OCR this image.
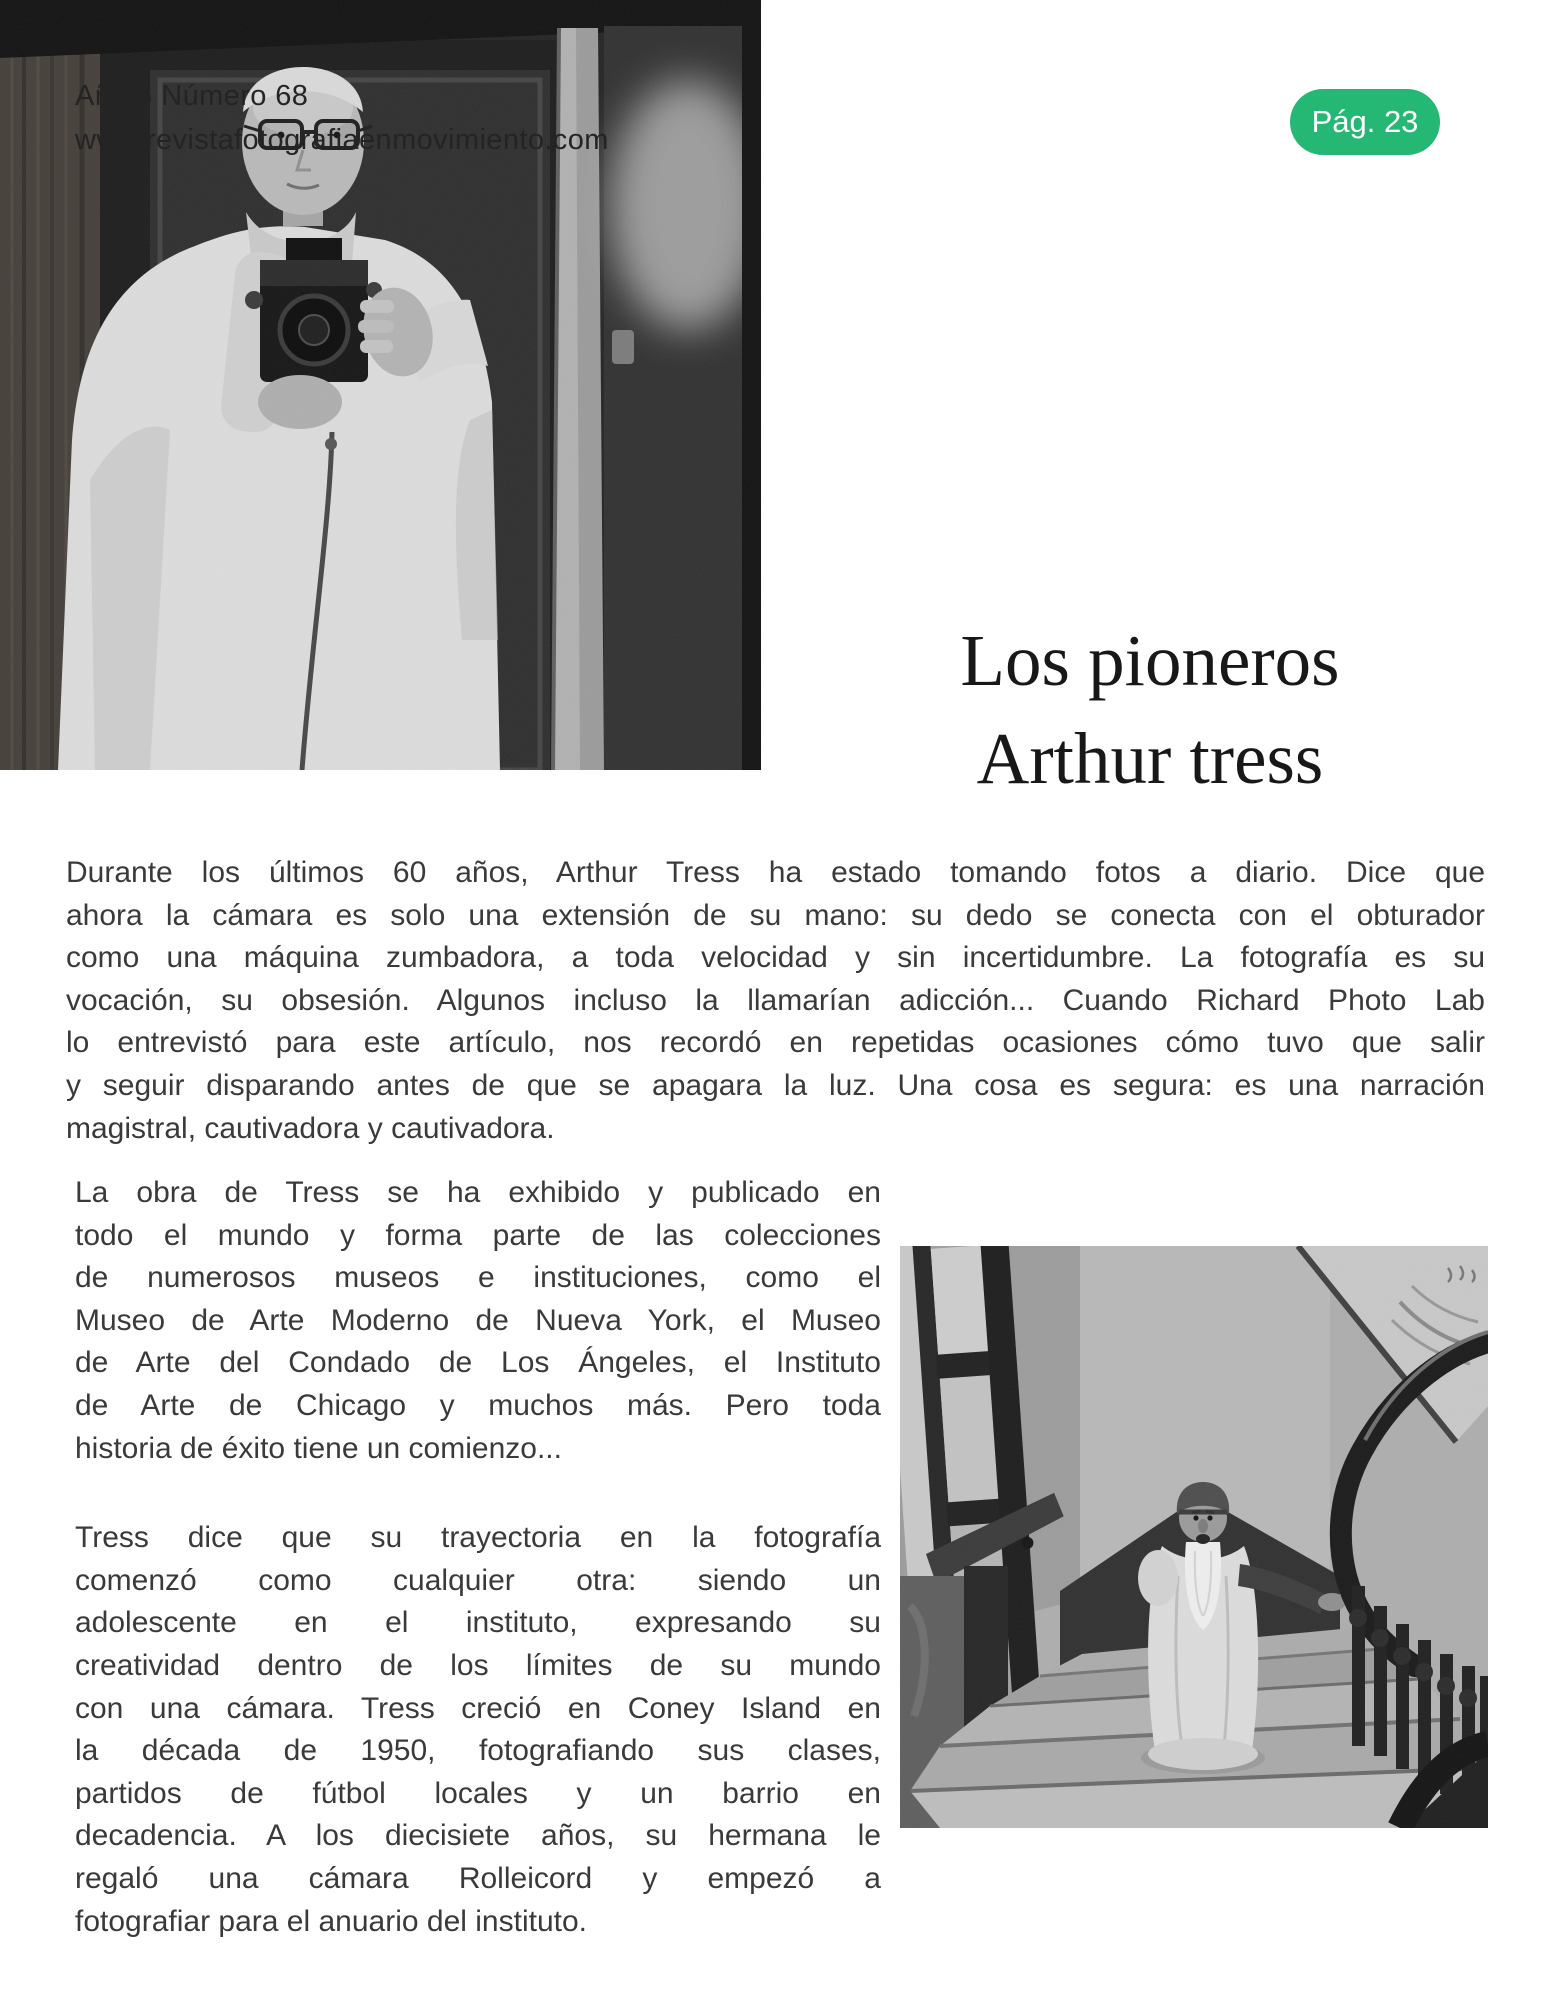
Año 6 Número 68
www.revistafotografiaenmovimiento.com
Pág. 23
Los pioneros
Arthur tress
Durante los últimos 60 años, Arthur Tress ha estado tomando fotos a diario. Dice que
ahora la cámara es solo una extensión de su mano: su dedo se conecta con el obturador
como una máquina zumbadora, a toda velocidad y sin incertidumbre. La fotografía es su
vocación, su obsesión. Algunos incluso la llamarían adicción... Cuando Richard Photo Lab
lo entrevistó para este artículo, nos recordó en repetidas ocasiones cómo tuvo que salir
y seguir disparando antes de que se apagara la luz. Una cosa es segura: es una narración
magistral, cautivadora y cautivadora.
La obra de Tress se ha exhibido y publicado en
todo el mundo y forma parte de las colecciones
de numerosos museos e instituciones, como el
Museo de Arte Moderno de Nueva York, el Museo
de Arte del Condado de Los Ángeles, el Instituto
de Arte de Chicago y muchos más. Pero toda
historia de éxito tiene un comienzo...
Tress dice que su trayectoria en la fotografía
comenzó como cualquier otra: siendo un
adolescente en el instituto, expresando su
creatividad dentro de los límites de su mundo
con una cámara. Tress creció en Coney Island en
la década de 1950, fotografiando sus clases,
partidos de fútbol locales y un barrio en
decadencia. A los diecisiete años, su hermana le
regaló una cámara Rolleicord y empezó a
fotografiar para el anuario del instituto.
